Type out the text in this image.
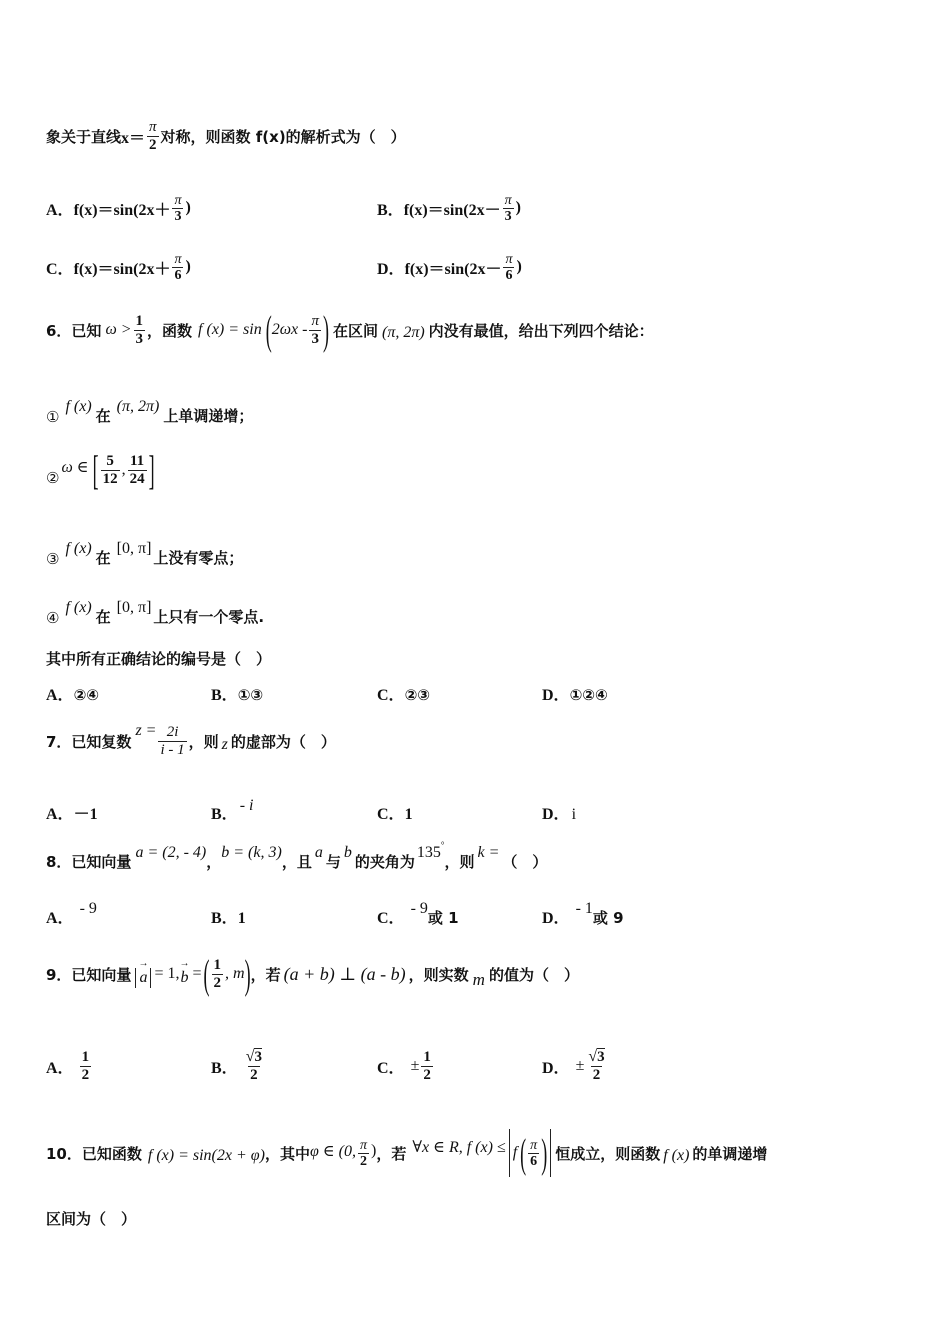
象关于直线 $x= \frac{\pi}{2}$ 对称，则函数 f(x)的解析式为（　）
A． $f(x)=\sin(2x+ \frac{\pi}{3}$ )	B． $f(x)=\sin(2x- \frac{\pi}{3}$ )
C． $f(x)=\sin(2x+ \frac{\pi}{6}$ )	D． $f(x)=\sin(2x- \frac{\pi}{6}$ )
6．已知 $\omega > \frac{1}{3}$ ，函数 f (x) = sin ( $2\omega x - \frac{\pi}{3}$ ) 在区间 (π, 2π) 内没有最值，给出下列四个结论：
①
f (x)
在
(π, 2π)
上单调递增；
②
ω ∈ [ $\frac{5}{12}$ , $\frac{11}{24}$ ]
③
f (x)
在
[0, π]
上没有零点；
④
f (x)
在
[0, π]
上只有一个零点.
其中所有正确结论的编号是（　）
A．②④	B．①③	C．②③	D．①②④
7．已知复数
$z = \frac{2i}{i - 1}$ ，则 z 的虚部为（　）
A．－1	B．
- i
C．1	D． i
8．已知向量
a = (2, - 4)
，
b = (k, 3)
，且
a
与
b
的夹角为
135 °
，则
k =
（　）
A．
- 9
B． 1	C．
- 9
或 1	D．
- 1
或 9
9．已知向量
→
a = 1,
→
b = ( $\frac{1}{2}$ , m ) ，若 (a + b) ⊥ (a - b) ，则实数 m 的值为（　）
A． $\frac{1}{2}$	B． $\frac{√3}{2}$	C． ± $\frac{1}{2}$	D． ± $\frac{√3}{2}$
10．已知函数 f (x) = sin(2x + φ) ，其中 φ ∈ (0, $\frac{\pi}{2}$ ) ，若 ∀x ∈ R, f (x) ≤ f ( $\frac{\pi}{6}$ ) 恒成立，则函数 f (x) 的单调递增
区间为（　）
